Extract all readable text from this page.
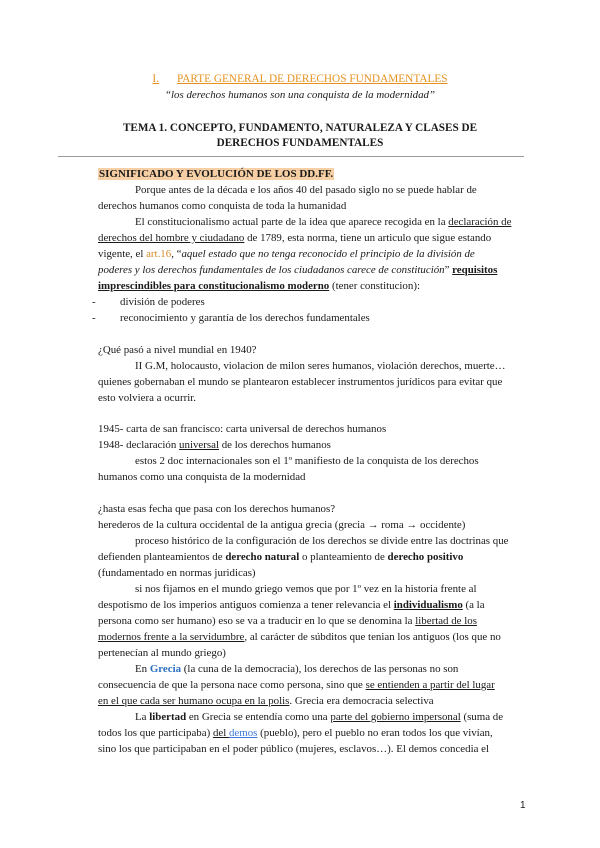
I. PARTE GENERAL DE DERECHOS FUNDAMENTALES
“los derechos humanos son una conquista de la modernidad”
TEMA 1. CONCEPTO, FUNDAMENTO, NATURALEZA Y CLASES DE
DERECHOS FUNDAMENTALES
SIGNIFICADO Y EVOLUCIÓN DE LOS DD.FF.
Porque antes de la década e los años 40 del pasado siglo no se puede hablar de
derechos humanos como conquista de toda la humanidad
El constitucionalismo actual parte de la idea que aparece recogida en la declaración de
derechos del hombre y ciudadano de 1789, esta norma, tiene un articulo que sigue estando
vigente, el art.16, “aquel estado que no tenga reconocido el principio de la división de
poderes y los derechos fundamentales de los ciudadanos carece de constitución” requisitos
imprescindibles para constitucionalismo moderno (tener constitucion):
- división de poderes
- reconocimiento y garantía de los derechos fundamentales
¿Qué pasó a nivel mundial en 1940?
II G.M, holocausto, violacion de milon seres humanos, violación derechos, muerte…
quienes gobernaban el mundo se plantearon establecer instrumentos jurídicos para evitar que
esto volviera a ocurrir.
1945- carta de san francisco: carta universal de derechos humanos
1948- declaración universal de los derechos humanos
estos 2 doc internacionales son el 1º manifiesto de la conquista de los derechos
humanos como una conquista de la modernidad
¿hasta esas fecha que pasa con los derechos humanos?
herederos de la cultura occidental de la antigua grecia (grecia → roma → occidente)
proceso histórico de la configuración de los derechos se divide entre las doctrinas que
defienden planteamientos de derecho natural o planteamiento de derecho positivo
(fundamentado en normas juridicas)
si nos fijamos en el mundo griego vemos que por 1º vez en la historia frente al
despotismo de los imperios antiguos comienza a tener relevancia el individualismo (a la
persona como ser humano) eso se va a traducir en lo que se denomina la libertad de los
modernos frente a la servidumbre, al carácter de súbditos que tenian los antiguos (los que no
pertenecían al mundo griego)
En Grecia (la cuna de la democracia), los derechos de las personas no son
consecuencia de que la persona nace como persona, sino que se entienden a partir del lugar
en el que cada ser humano ocupa en la polis. Grecia era democracia selectiva
La libertad en Grecia se entendía como una parte del gobierno impersonal (suma de
todos los que participaba) del demos (pueblo), pero el pueblo no eran todos los que vivían,
sino los que participaban en el poder público (mujeres, esclavos…). El demos concedia el
1
